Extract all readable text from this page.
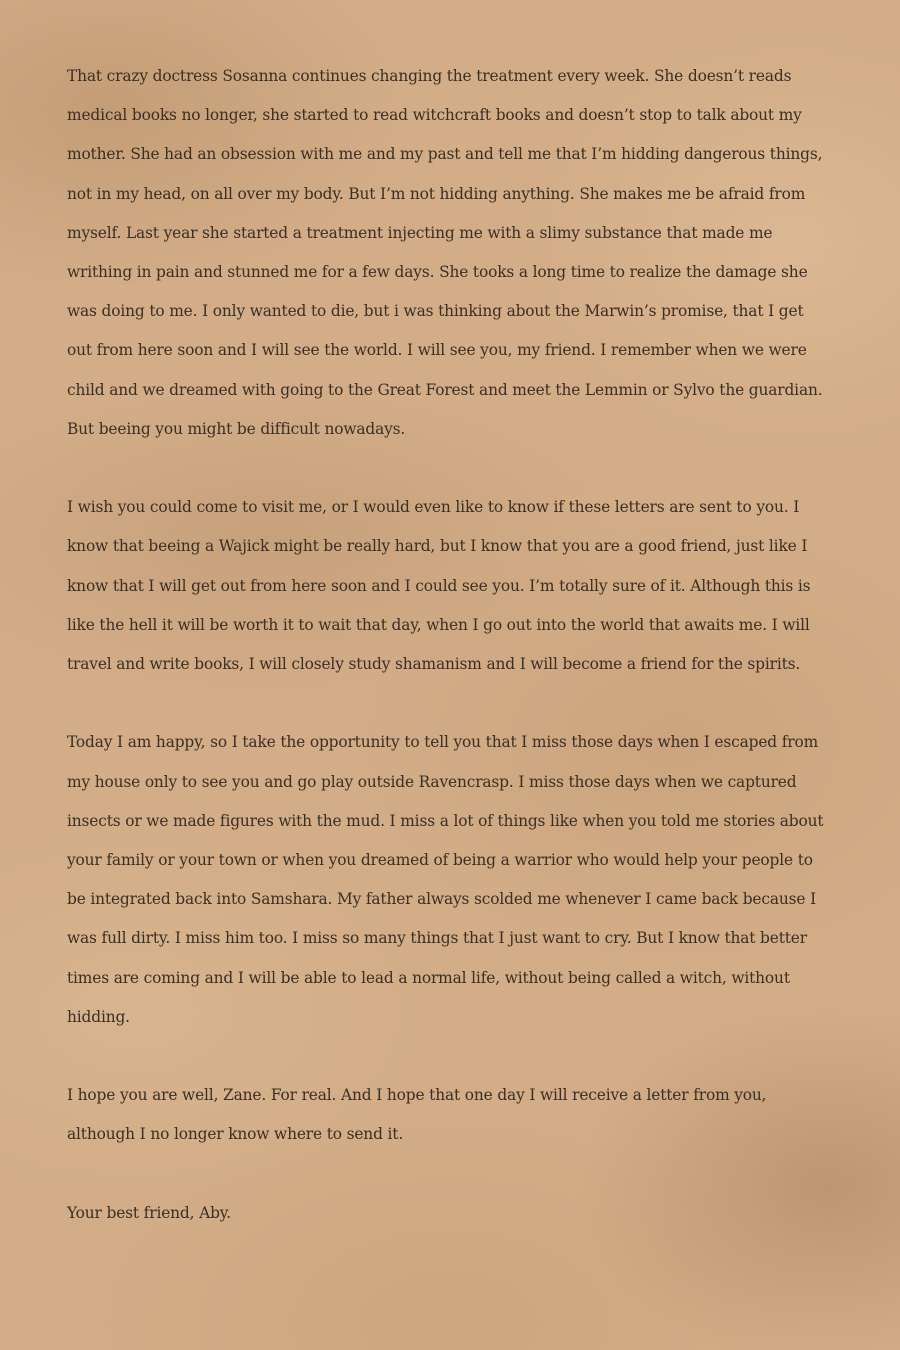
That crazy doctress Sosanna continues changing the treatment every week. She doesn’t reads medical books no longer, she started to read witchcraft books and doesn’t stop to talk about my mother. She had an obsession with me and my past and tell me that I’m hidding dangerous things, not in my head, on all over my body. But I’m not hidding anything. She makes me be afraid from myself. Last year she started a treatment injecting me with a slimy substance that made me writhing in pain and stunned me for a few days. She tooks a long time to realize the damage she was doing to me. I only wanted to die, but i was thinking about the Marwin’s promise, that I get out from here soon and I will see the world. I will see you, my friend. I remember when we were child and we dreamed with going to the Great Forest and meet the Lemmin or Sylvo the guardian. But beeing you might be difficult nowadays.

I wish you could come to visit me, or I would even like to know if these letters are sent to you. I know that beeing a Wajick might be really hard, but I know that you are a good friend, just like I know that I will get out from here soon and I could see you. I’m totally sure of it. Although this is like the hell it will be worth it to wait that day, when I go out into the world that awaits me. I will travel and write books, I will closely study shamanism and I will become a friend for the spirits.

Today I am happy, so I take the opportunity to tell you that I miss those days when I escaped from my house only to see you and go play outside Ravencrasp. I miss those days when we captured insects or we made figures with the mud. I miss a lot of things like when you told me stories about your family or your town or when you dreamed of being a warrior who would help your people to be integrated back into Samshara. My father always scolded me whenever I came back because I was full dirty. I miss him too. I miss so many things that I just want to cry. But I know that better times are coming and I will be able to lead a normal life, without being called a witch, without hidding.

I hope you are well, Zane. For real. And I hope that one day I will receive a letter from you, although I no longer know where to send it.

Your best friend, Aby.
